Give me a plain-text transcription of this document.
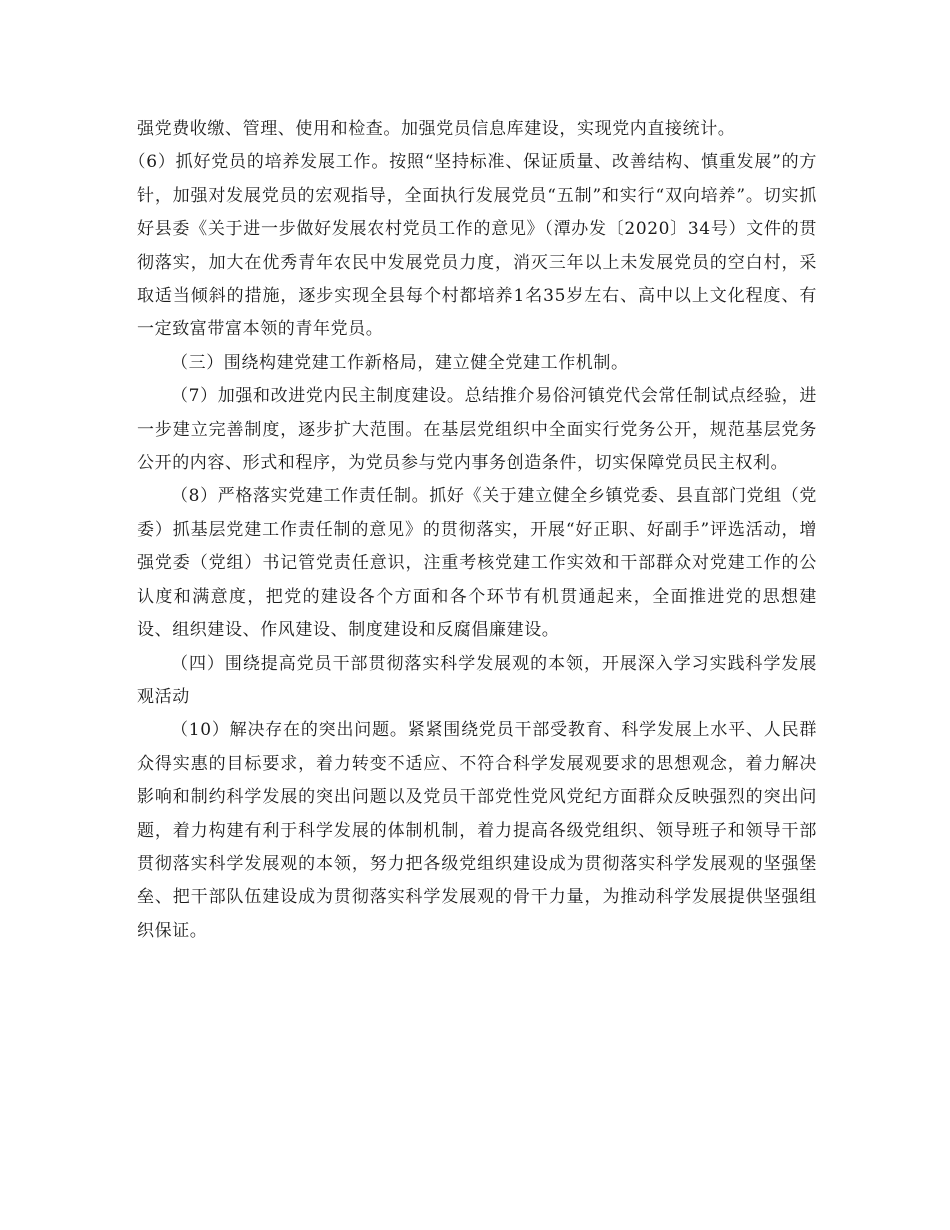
强党费收缴、管理、使用和检查。加强党员信息库建设，实现党内直接统计。

（6）抓好党员的培养发展工作。按照“坚持标准、保证质量、改善结构、慎重发展”的方针，加强对发展党员的宏观指导，全面执行发展党员“五制”和实行“双向培养”。切实抓好县委《关于进一步做好发展农村党员工作的意见》（潭办发〔2020〕34号）文件的贯彻落实，加大在优秀青年农民中发展党员力度，消灭三年以上未发展党员的空白村，采取适当倾斜的措施，逐步实现全县每个村都培养1名35岁左右、高中以上文化程度、有一定致富带富本领的青年党员。

（三）围绕构建党建工作新格局，建立健全党建工作机制。

（7）加强和改进党内民主制度建设。总结推介易俗河镇党代会常任制试点经验，进一步建立完善制度，逐步扩大范围。在基层党组织中全面实行党务公开，规范基层党务公开的内容、形式和程序，为党员参与党内事务创造条件，切实保障党员民主权利。

（8）严格落实党建工作责任制。抓好《关于建立健全乡镇党委、县直部门党组（党委）抓基层党建工作责任制的意见》的贯彻落实，开展“好正职、好副手”评选活动，增强党委（党组）书记管党责任意识，注重考核党建工作实效和干部群众对党建工作的公认度和满意度，把党的建设各个方面和各个环节有机贯通起来，全面推进党的思想建设、组织建设、作风建设、制度建设和反腐倡廉建设。

（四）围绕提高党员干部贯彻落实科学发展观的本领，开展深入学习实践科学发展观活动

（10）解决存在的突出问题。紧紧围绕党员干部受教育、科学发展上水平、人民群众得实惠的目标要求，着力转变不适应、不符合科学发展观要求的思想观念，着力解决影响和制约科学发展的突出问题以及党员干部党性党风党纪方面群众反映强烈的突出问题，着力构建有利于科学发展的体制机制，着力提高各级党组织、领导班子和领导干部贯彻落实科学发展观的本领，努力把各级党组织建设成为贯彻落实科学发展观的坚强堡垒、把干部队伍建设成为贯彻落实科学发展观的骨干力量，为推动科学发展提供坚强组织保证。
